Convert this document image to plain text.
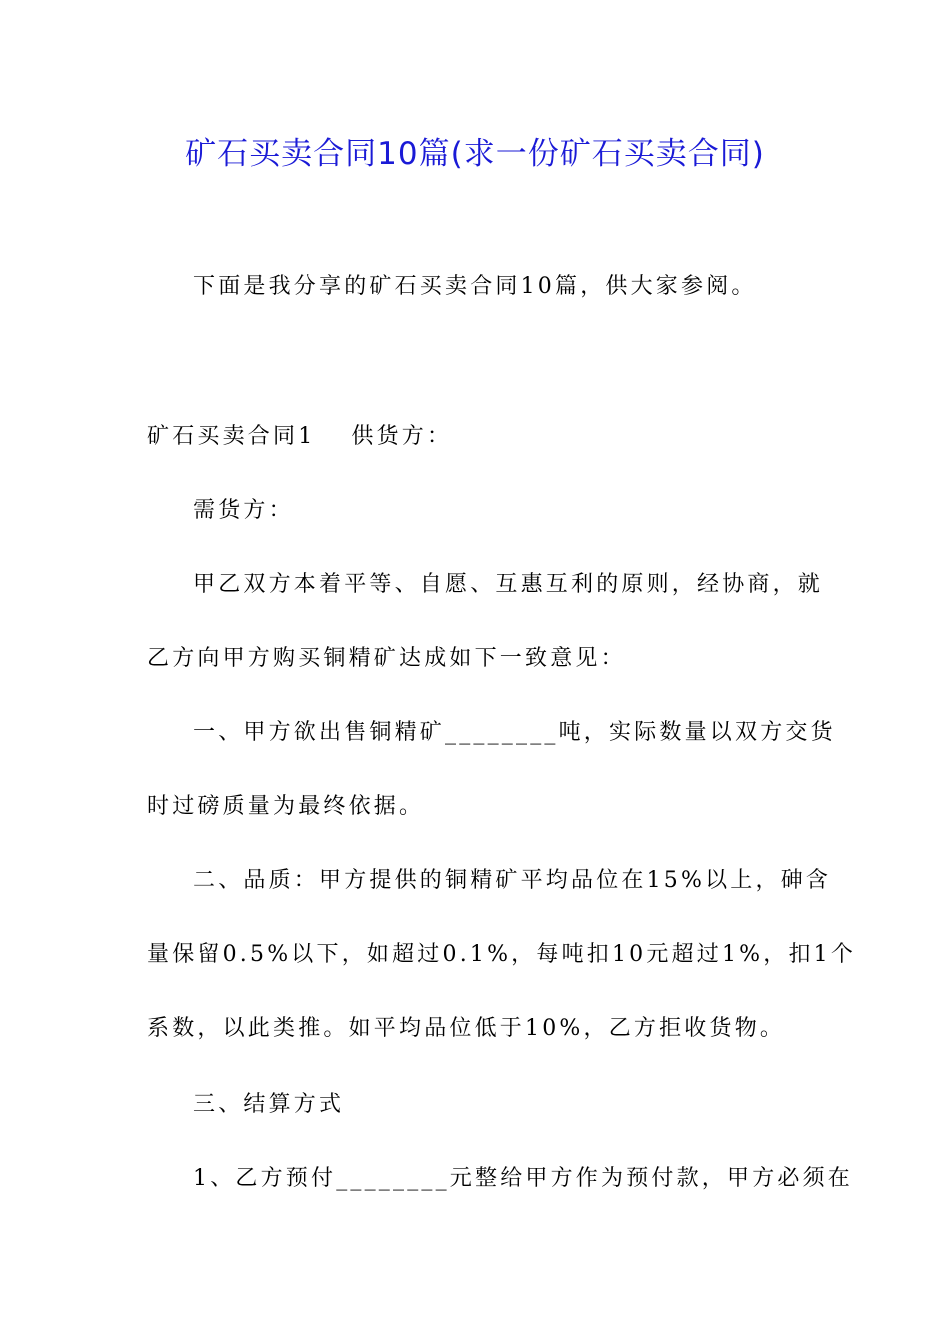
矿石买卖合同10篇(求一份矿石买卖合同)

下面是我分享的矿石买卖合同10篇，供大家参阅。

矿石买卖合同1 供货方：

需货方：

甲乙双方本着平等、自愿、互惠互利的原则，经协商，就

乙方向甲方购买铜精矿达成如下一致意见：

一、甲方欲出售铜精矿________吨，实际数量以双方交货

时过磅质量为最终依据。

二、品质：甲方提供的铜精矿平均品位在15%以上，砷含

量保留0.5%以下，如超过0.1%，每吨扣10元超过1%，扣1个

系数，以此类推。如平均品位低于10%，乙方拒收货物。

三、结算方式

1、乙方预付________元整给甲方作为预付款，甲方必须在
